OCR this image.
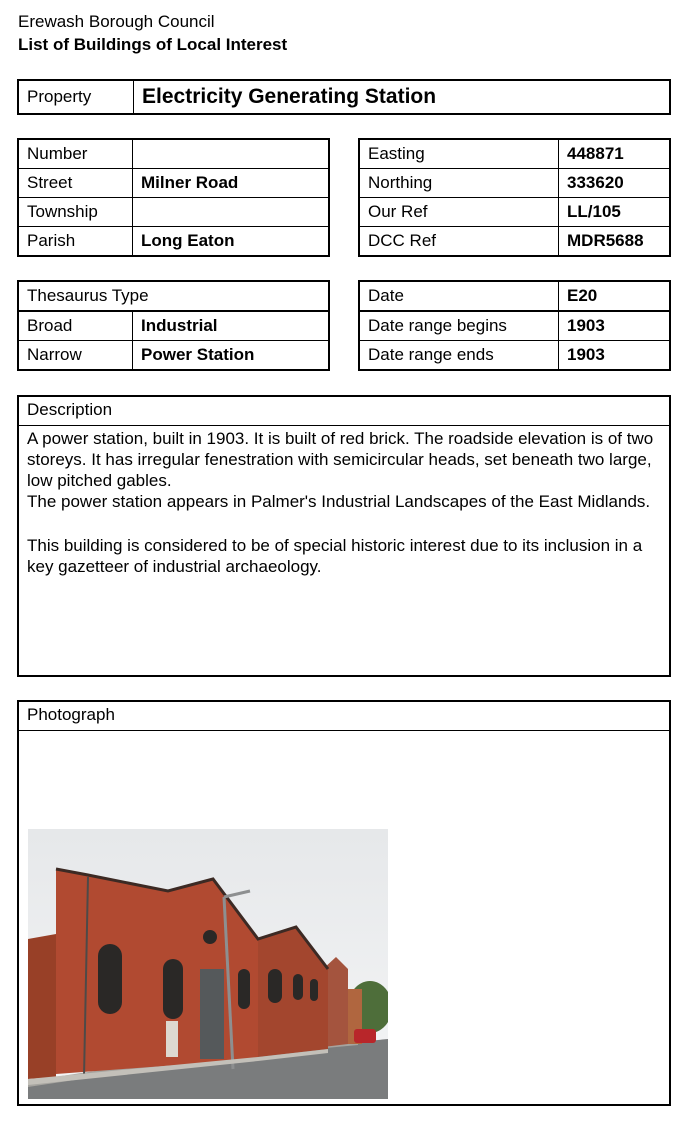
Erewash Borough Council
List of Buildings of Local Interest
Property	Electricity Generating Station
Number	
Street	Milner Road
Township	
Parish	Long Eaton
Easting	448871
Northing	333620
Our Ref	LL/105
DCC Ref	MDR5688
Thesaurus Type	
Broad	Industrial
Narrow	Power Station
Date	E20
Date range begins	1903
Date range ends	1903
Description

A power station, built in 1903. It is built of red brick. The roadside elevation is of two storeys. It has irregular fenestration with semicircular heads, set beneath two large, low pitched gables.

The power station appears in Palmer's Industrial Landscapes of the East Midlands.

This building is considered to be of special historic interest due to its inclusion in a key gazetteer of industrial archaeology.

Photograph
